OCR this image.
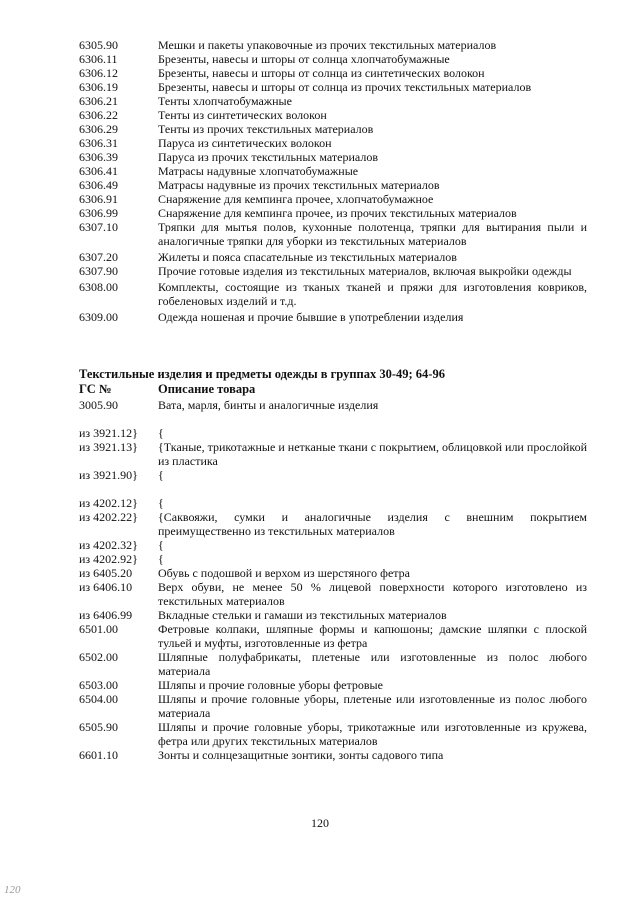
6305.90	Мешки и пакеты упаковочные из прочих текстильных материалов
6306.11	Брезенты, навесы и шторы от солнца хлопчатобумажные
6306.12	Брезенты, навесы и шторы от солнца из синтетических волокон
6306.19	Брезенты, навесы и шторы от солнца из прочих текстильных материалов
6306.21	Тенты хлопчатобумажные
6306.22	Тенты из синтетических волокон
6306.29	Тенты из прочих текстильных материалов
6306.31	Паруса из синтетических волокон
6306.39	Паруса из прочих текстильных материалов
6306.41	Матрасы надувные хлопчатобумажные
6306.49	Матрасы надувные из прочих текстильных материалов
6306.91	Снаряжение для кемпинга прочее, хлопчатобумажное
6306.99	Снаряжение для кемпинга прочее, из прочих текстильных материалов
6307.10	Тряпки для мытья полов, кухонные полотенца, тряпки для вытирания пыли и аналогичные тряпки для уборки из текстильных материалов
6307.20	Жилеты и пояса спасательные из текстильных материалов
6307.90	Прочие готовые изделия из текстильных материалов, включая выкройки одежды
6308.00	Комплекты, состоящие из тканых тканей и пряжи для изготовления ковриков, гобеленовых изделий и т.д.
6309.00	Одежда ношеная и прочие бывшие в употреблении изделия
Текстильные изделия и предметы одежды в группах 30-49; 64-96
ГС №	Описание товара
3005.90	Вата, марля, бинты и аналогичные изделия
из 3921.12}	{
из 3921.13}	{Тканые, трикотажные и нетканые ткани с покрытием, облицовкой или прослойкой из пластика
из 3921.90}	{
из 4202.12}	{
из 4202.22}	{Саквояжи, сумки и аналогичные изделия с внешним покрытием преимущественно из текстильных материалов
из 4202.32}	{
из 4202.92}	{
из 6405.20	Обувь с подошвой и верхом из шерстяного фетра
из 6406.10	Верх обуви, не менее 50 % лицевой поверхности которого изготовлено из текстильных материалов
из 6406.99	Вкладные стельки и гамаши из текстильных материалов
6501.00	Фетровые колпаки, шляпные формы и капюшоны; дамские шляпки с плоской тульей и муфты, изготовленные из фетра
6502.00	Шляпные полуфабрикаты, плетеные или изготовленные из полос любого материала
6503.00	Шляпы и прочие головные уборы фетровые
6504.00	Шляпы и прочие головные уборы, плетеные или изготовленные из полос любого материала
6505.90	Шляпы и прочие головные уборы, трикотажные или изготовленные из кружева, фетра или других текстильных материалов
6601.10	Зонты и солнцезащитные зонтики, зонты садового типа
120
120
